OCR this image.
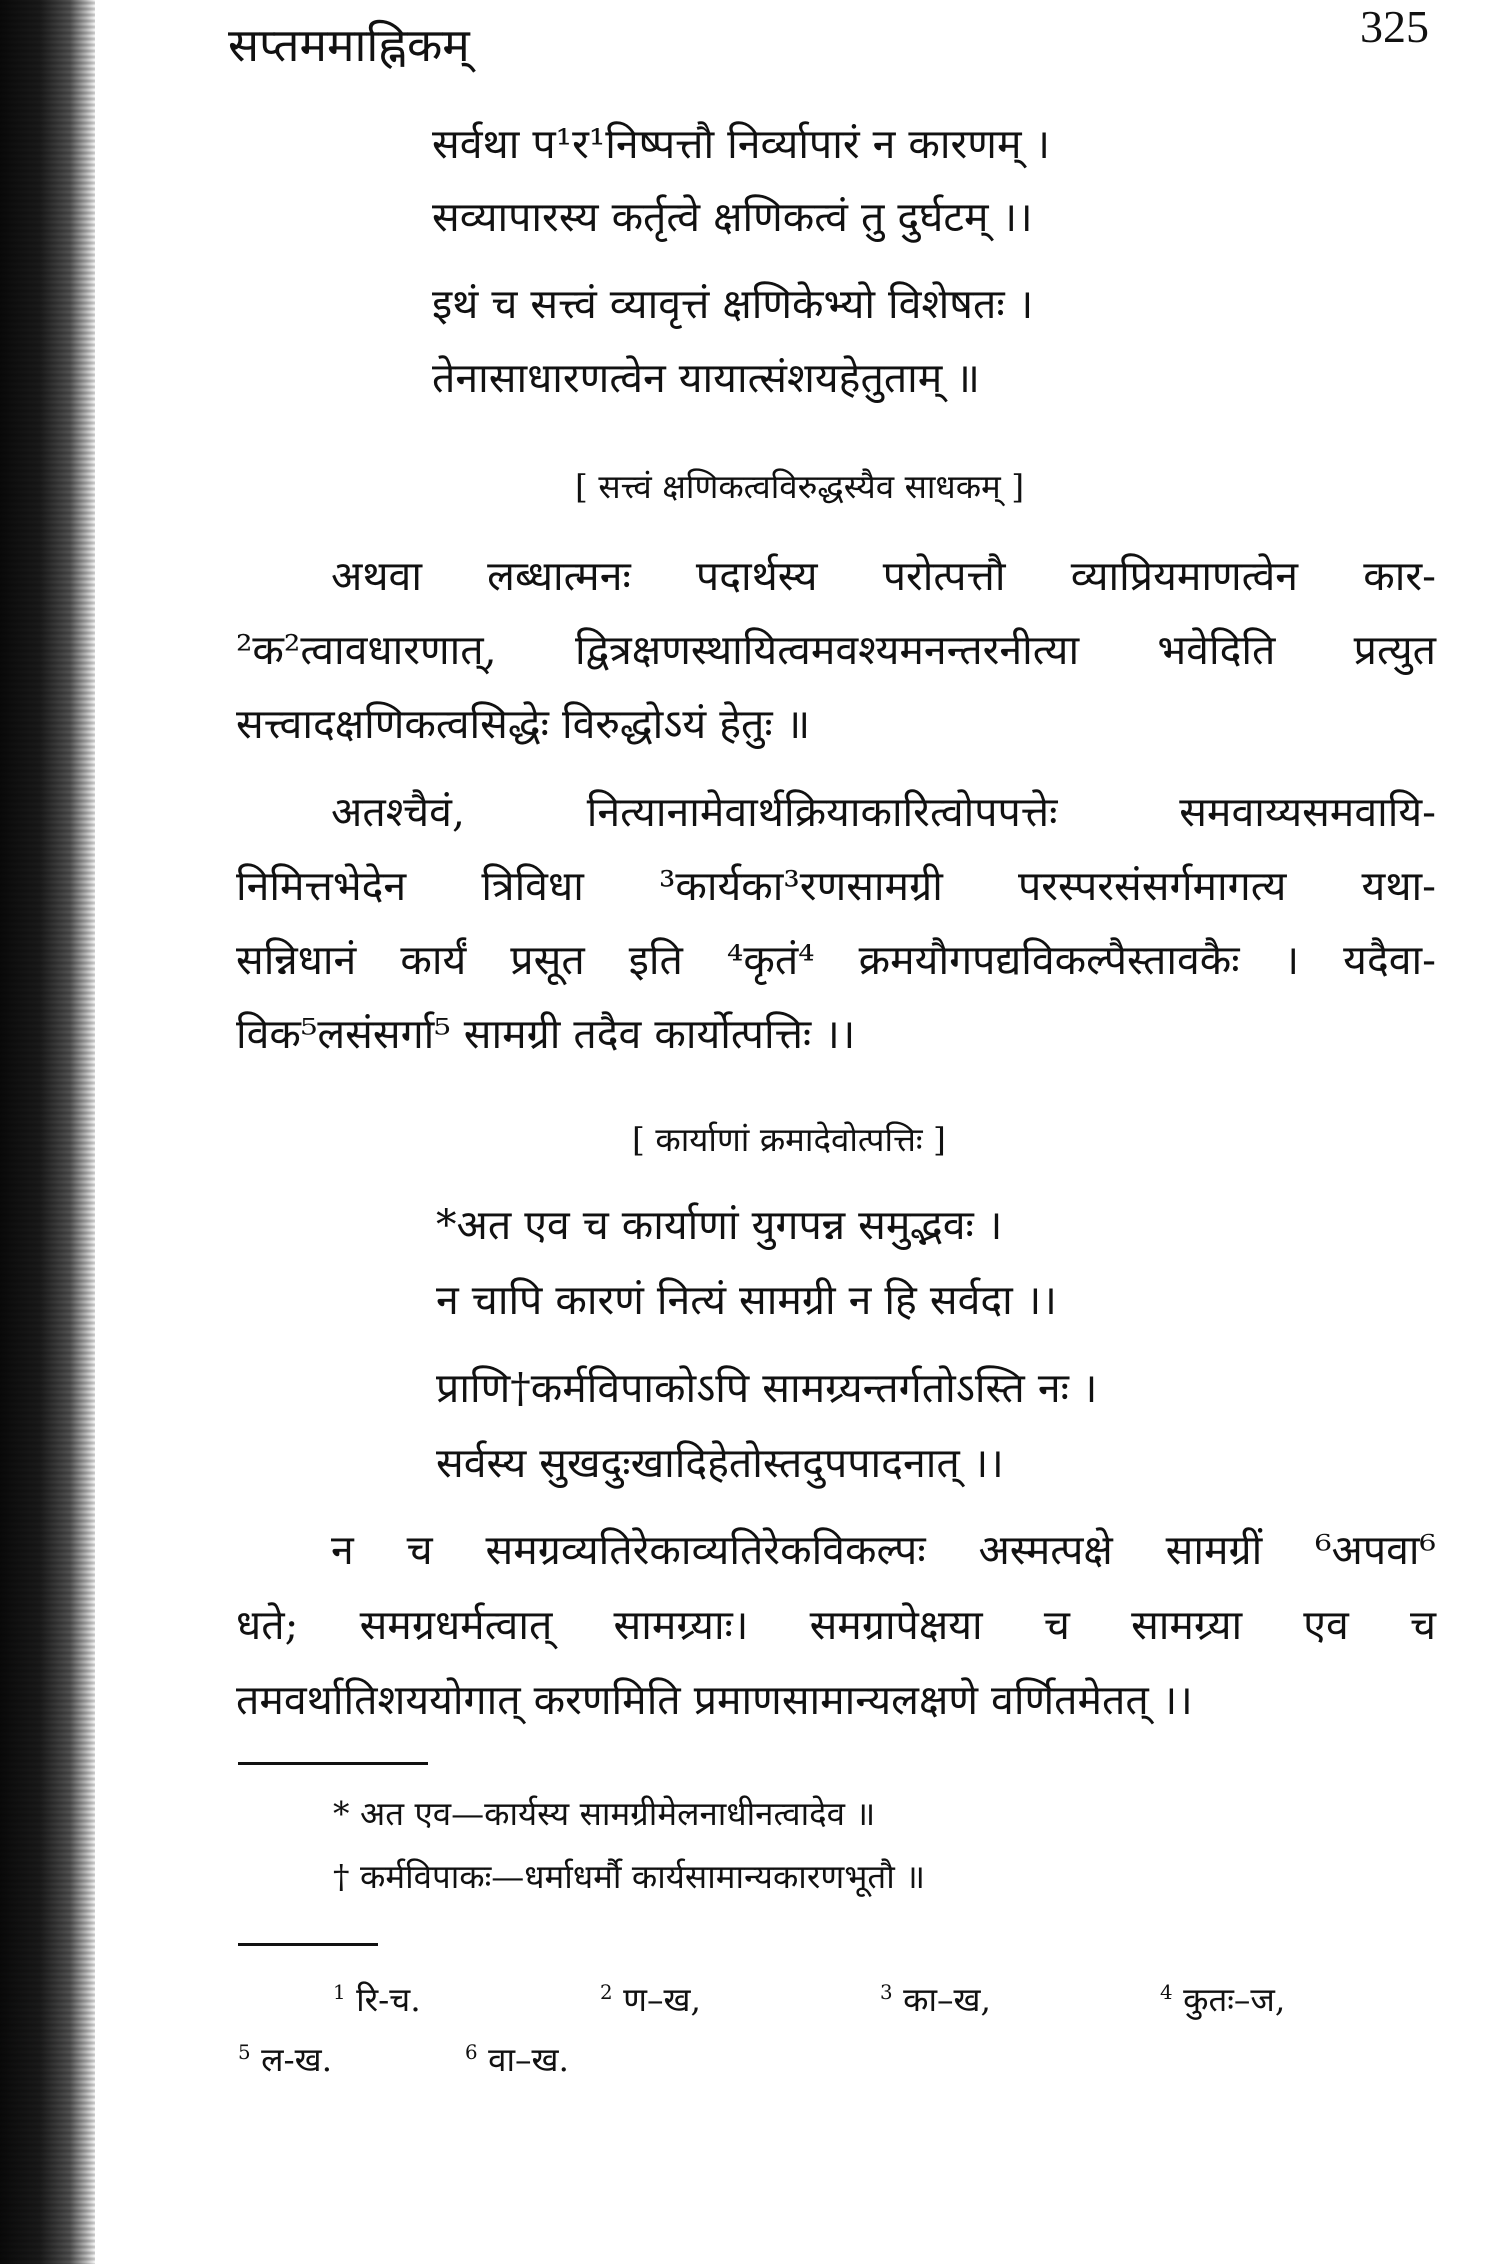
सप्तममाह्निकम्	325
सर्वथा प¹र¹निष्पत्तौ निर्व्यापारं न कारणम् ।
सव्यापारस्य कर्तृत्वे क्षणिकत्वं तु दुर्घटम् ।।
इथं च सत्त्वं व्यावृत्तं क्षणिकेभ्यो विशेषतः ।
तेनासाधारणत्वेन यायात्संशयहेतुताम् ॥
[ सत्त्वं क्षणिकत्वविरुद्धस्यैव साधकम् ]
अथवा लब्धात्मनः पदार्थस्य परोत्पत्तौ व्याप्रियमाणत्वेन कार-
²क²त्वावधारणात्, द्वित्रक्षणस्थायित्वमवश्यमनन्तरनीत्या भवेदिति प्रत्युत
सत्त्वादक्षणिकत्वसिद्धेः विरुद्धोऽयं हेतुः ॥
अतश्चैवं, नित्यानामेवार्थक्रियाकारित्वोपपत्तेः समवाय्यसमवायि-
निमित्तभेदेन त्रिविधा ³कार्यका³रणसामग्री परस्परसंसर्गमागत्य यथा-
सन्निधानं कार्यं प्रसूत इति ⁴कृतं⁴ क्रमयौगपद्यविकल्पैस्तावकैः । यदैवा-
विक⁵लसंसर्गा⁵ सामग्री तदैव कार्योत्पत्तिः ।।
[ कार्याणां क्रमादेवोत्पत्तिः ]
*अत एव च कार्याणां युगपन्न समुद्भवः ।
न चापि कारणं नित्यं सामग्री न हि सर्वदा ।।
प्राणि†कर्मविपाकोऽपि सामग्र्यन्तर्गतोऽस्ति नः ।
सर्वस्य सुखदुःखादिहेतोस्तदुपपादनात् ।।
न च समग्रव्यतिरेकाव्यतिरेकविकल्पः अस्मत्पक्षे सामग्रीं ⁶अपवा⁶
धते; समग्रधर्मत्वात् सामग्र्याः। समग्रापेक्षया च सामग्र्या एव च
तमवर्थातिशययोगात् करणमिति प्रमाणसामान्यलक्षणे वर्णितमेतत् ।।
* अत एव—कार्यस्य सामग्रीमेलनाधीनत्वादेव ॥
† कर्मविपाकः—धर्माधर्मौ कार्यसामान्यकारणभूतौ ॥
$^1$ रि-च.	$^2$ ण–ख,	$^3$ का–ख,	$^4$ कुतः–ज,
$^5$ ल-ख.	$^6$ वा–ख.
